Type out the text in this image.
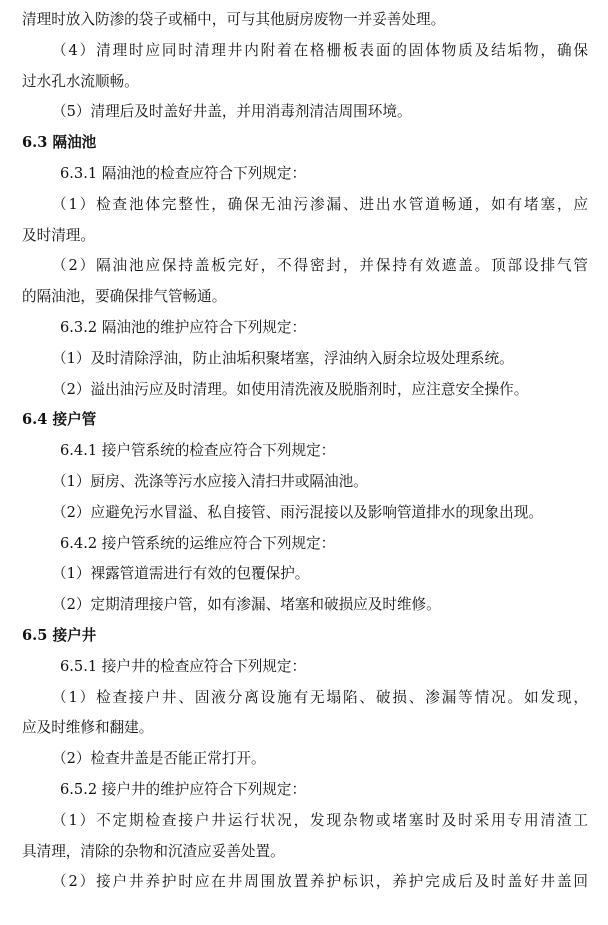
清理时放入防渗的袋子或桶中，可与其他厨房废物一并妥善处理。
（4）清理时应同时清理井内附着在格栅板表面的固体物质及结垢物，确保
过水孔水流顺畅。
（5）清理后及时盖好井盖，并用消毒剂清洁周围环境。
6.3 隔油池
6.3.1 隔油池的检查应符合下列规定：
（1）检查池体完整性，确保无油污渗漏、进出水管道畅通，如有堵塞，应
及时清理。
（2）隔油池应保持盖板完好，不得密封，并保持有效遮盖。顶部设排气管
的隔油池，要确保排气管畅通。
6.3.2 隔油池的维护应符合下列规定：
（1）及时清除浮油，防止油垢积聚堵塞，浮油纳入厨余垃圾处理系统。
（2）溢出油污应及时清理。如使用清洗液及脱脂剂时，应注意安全操作。
6.4 接户管
6.4.1 接户管系统的检查应符合下列规定：
（1）厨房、洗涤等污水应接入清扫井或隔油池。
（2）应避免污水冒溢、私自接管、雨污混接以及影响管道排水的现象出现。
6.4.2 接户管系统的运维应符合下列规定：
（1）裸露管道需进行有效的包覆保护。
（2）定期清理接户管，如有渗漏、堵塞和破损应及时维修。
6.5 接户井
6.5.1 接户井的检查应符合下列规定：
（1）检查接户井、固液分离设施有无塌陷、破损、渗漏等情况。如发现，
应及时维修和翻建。
（2）检查井盖是否能正常打开。
6.5.2 接户井的维护应符合下列规定：
（1）不定期检查接户井运行状况，发现杂物或堵塞时及时采用专用清渣工
具清理，清除的杂物和沉渣应妥善处置。
（2）接户井养护时应在井周围放置养护标识，养护完成后及时盖好井盖回
